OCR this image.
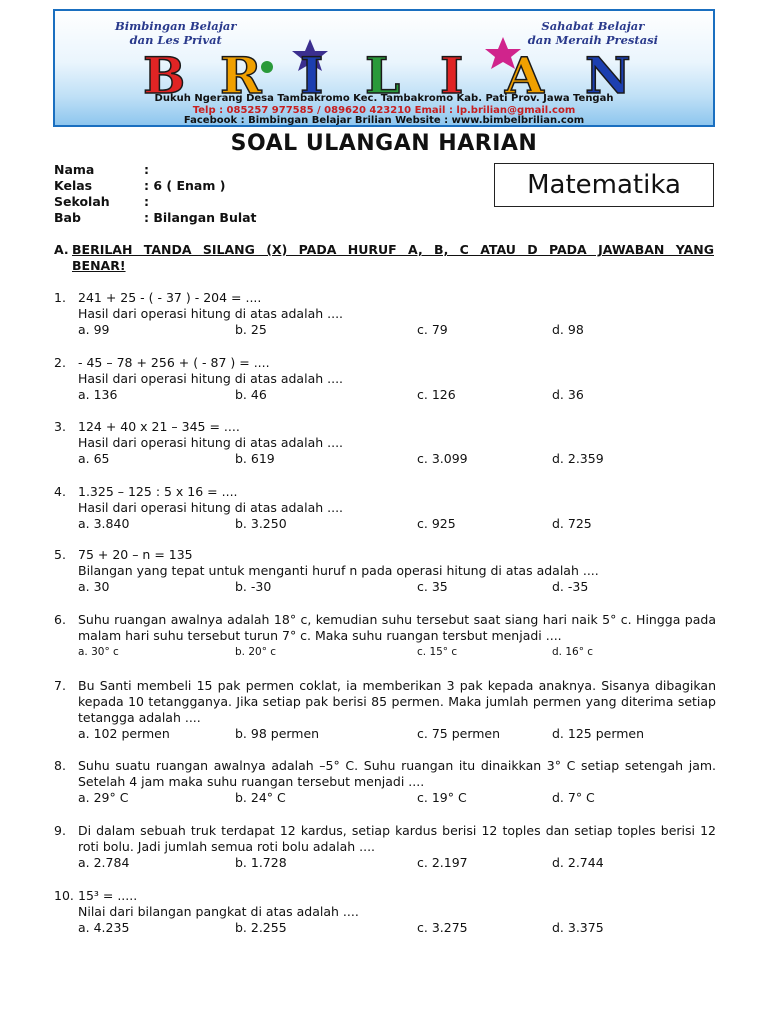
Bimbingan Belajar
dan Les Privat
Sahabat Belajar
dan Meraih Prestasi
B R I L I A N
Dukuh Ngerang Desa Tambakromo Kec. Tambakromo Kab. Pati Prov. Jawa Tengah
Telp : 085257 977585 / 089620 423210 Email : lp.brilian@gmail.com
Facebook : Bimbingan Belajar Brilian Website : www.bimbelbrilian.com
SOAL ULANGAN HARIAN
Nama	:
Kelas	: 6 ( Enam )
Sekolah	:
Bab	: Bilangan Bulat
Matematika
A. BERILAH TANDA SILANG (X) PADA HURUF A, B, C ATAU D PADA JAWABAN YANG
BENAR!
1. 241 + 25 - ( - 37 ) - 204 = ....
Hasil dari operasi hitung di atas adalah ....
a. 99	b. 25	c. 79	d. 98
2. - 45 – 78 + 256 + ( - 87 ) = ....
Hasil dari operasi hitung di atas adalah ....
a. 136	b. 46	c. 126	d. 36
3. 124 + 40 x 21 – 345 = ....
Hasil dari operasi hitung di atas adalah ....
a. 65	b. 619	c. 3.099	d. 2.359
4. 1.325 – 125 : 5 x 16 = ....
Hasil dari operasi hitung di atas adalah ....
a. 3.840	b. 3.250	c. 925	d. 725
5. 75 + 20 – n = 135
Bilangan yang tepat untuk menganti huruf n pada operasi hitung di atas adalah ....
a. 30	b. -30	c. 35	d. -35
6. Suhu ruangan awalnya adalah 18° c, kemudian suhu tersebut saat siang hari naik 5° c. Hingga pada malam hari suhu tersebut turun 7° c. Maka suhu ruangan tersbut menjadi ....
a. 30° c	b. 20° c	c. 15° c	d. 16° c
7. Bu Santi membeli 15 pak permen coklat, ia memberikan 3 pak kepada anaknya. Sisanya dibagikan kepada 10 tetangganya. Jika setiap pak berisi 85 permen. Maka jumlah permen yang diterima setiap tetangga adalah ....
a. 102 permen	b. 98 permen	c. 75 permen	d. 125 permen
8. Suhu suatu ruangan awalnya adalah –5° C. Suhu ruangan itu dinaikkan 3° C setiap setengah jam. Setelah 4 jam maka suhu ruangan tersebut menjadi ....
a. 29° C	b. 24° C	c. 19° C	d. 7° C
9. Di dalam sebuah truk terdapat 12 kardus, setiap kardus berisi 12 toples dan setiap toples berisi 12 roti bolu. Jadi jumlah semua roti bolu adalah ....
a. 2.784	b. 1.728	c. 2.197	d. 2.744
10. 15³ = .....
Nilai dari bilangan pangkat di atas adalah ....
a. 4.235	b. 2.255	c. 3.275	d. 3.375
